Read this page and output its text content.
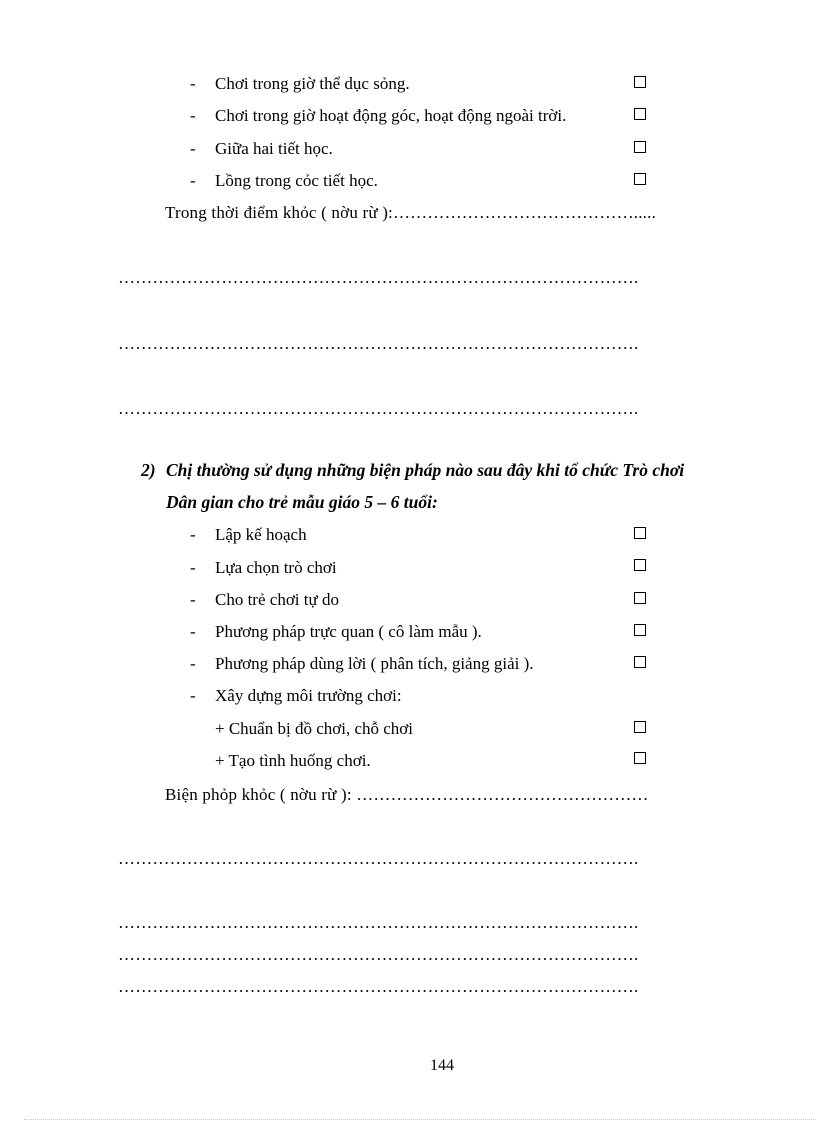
- Chơi trong giờ thể dục sỏng.
- Chơi trong giờ hoạt động góc, hoạt động ngoài trời.
- Giữa hai tiết học.
- Lồng trong cỏc tiết học.
Trong thời điểm khỏc ( nờu rừ ):…………………………………….....
……………………………………………………………………………….
……………………………………………………………………………….
……………………………………………………………………………….
2) Chị thường sử dụng những biện pháp nào sau đây khi tổ chức Trò chơi
Dân gian cho trẻ mẫu giáo 5 – 6 tuổi:
- Lập kế hoạch
- Lựa chọn trò chơi
- Cho trẻ chơi tự do
- Phương pháp trực quan ( cô làm mẫu ).
- Phương pháp dùng lời ( phân tích, giảng giải ).
- Xây dựng môi trường chơi:
+ Chuẩn bị đồ chơi, chỗ chơi
+ Tạo tình huống chơi.
Biện phỏp khỏc ( nờu rừ ): ……………………………………………
……………………………………………………………………………….
……………………………………………………………………………….
……………………………………………………………………………….
……………………………………………………………………………….
144
